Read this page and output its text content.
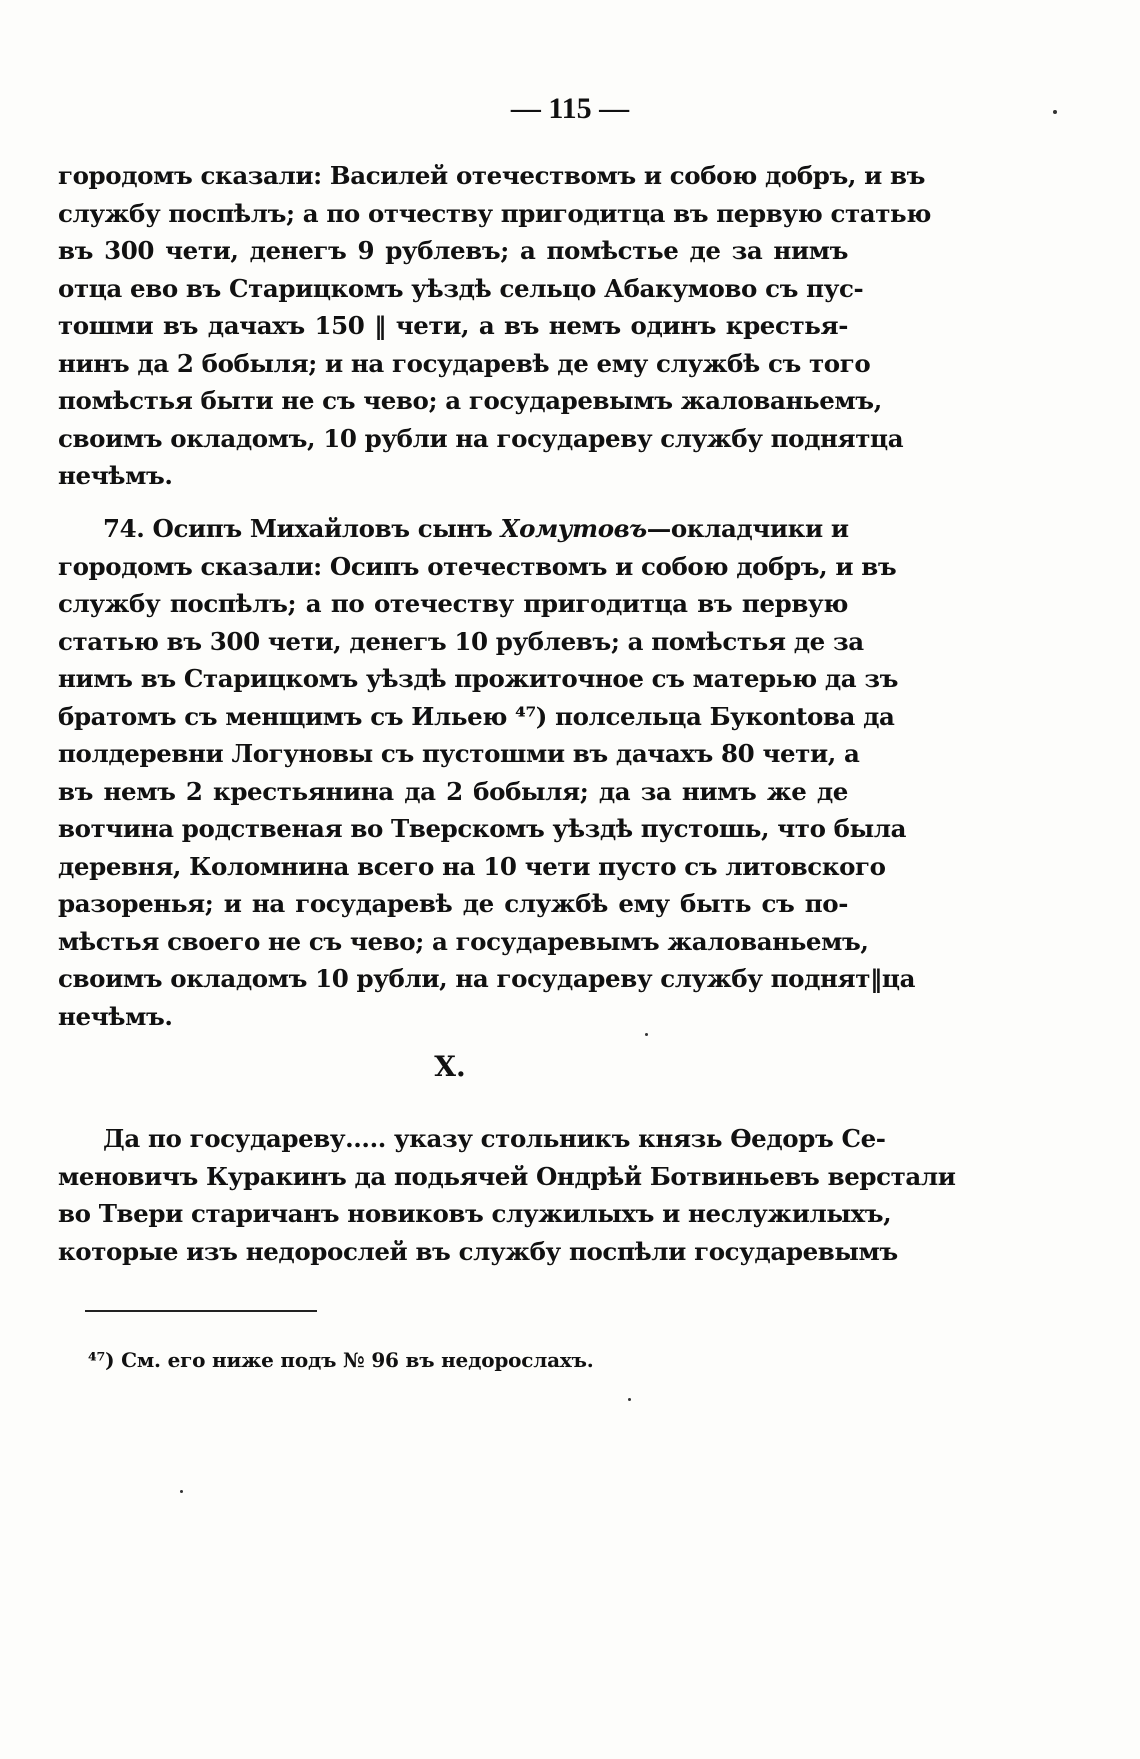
— 115 —
городомъ сказали: Василей отечествомъ и собою добръ, и въ
службу поспѣлъ; а по отчеству пригодитца въ первую статью
въ 300 чети, денегъ 9 рублевъ; а помѣстье де за нимъ
отца ево въ Старицкомъ уѣздѣ сельцо Абакумово съ пус-
тошми въ дачахъ 150 ‖ чети, а въ немъ одинъ крестья-
нинъ да 2 бобыля; и на государевѣ де ему службѣ съ того
помѣстья быти не съ чево; а государевымъ жалованьемъ,
своимъ окладомъ, 10 рубли на государеву службу поднятца
нечѣмъ.
74. Осипъ Михайловъ сынъ Хомутовъ—окладчики и
городомъ сказали: Осипъ отечествомъ и собою добръ, и въ
службу поспѣлъ; а по отечеству пригодитца въ первую
статью въ 300 чети, денегъ 10 рублевъ; а помѣстья де за
нимъ въ Старицкомъ уѣздѣ прожиточное съ матерью да зъ
братомъ съ менщимъ съ Ильею ⁴⁷) полсельца Букontова да
полдеревни Логуновы съ пустошми въ дачахъ 80 чети, а
въ немъ 2 крестьянина да 2 бобыля; да за нимъ же де
вотчина родственая во Тверскомъ уѣздѣ пустошь, что была
деревня, Коломнина всего на 10 чети пусто съ литовского
разоренья; и на государевѣ де службѣ ему быть съ по-
мѣстья своего не съ чево; а государевымъ жалованьемъ,
своимъ окладомъ 10 рубли, на государеву службу поднят‖ца
нечѣмъ.
X.
Да по государеву..... указу стольникъ князь Ѳедоръ Се-
меновичъ Куракинъ да подьячей Ондрѣй Ботвиньевъ верстали
во Твери старичанъ новиковъ служилыхъ и неслужилыхъ,
которые изъ недорослей въ службу поспѣли государевымъ
⁴⁷) См. его ниже подъ № 96 въ недорослахъ.
